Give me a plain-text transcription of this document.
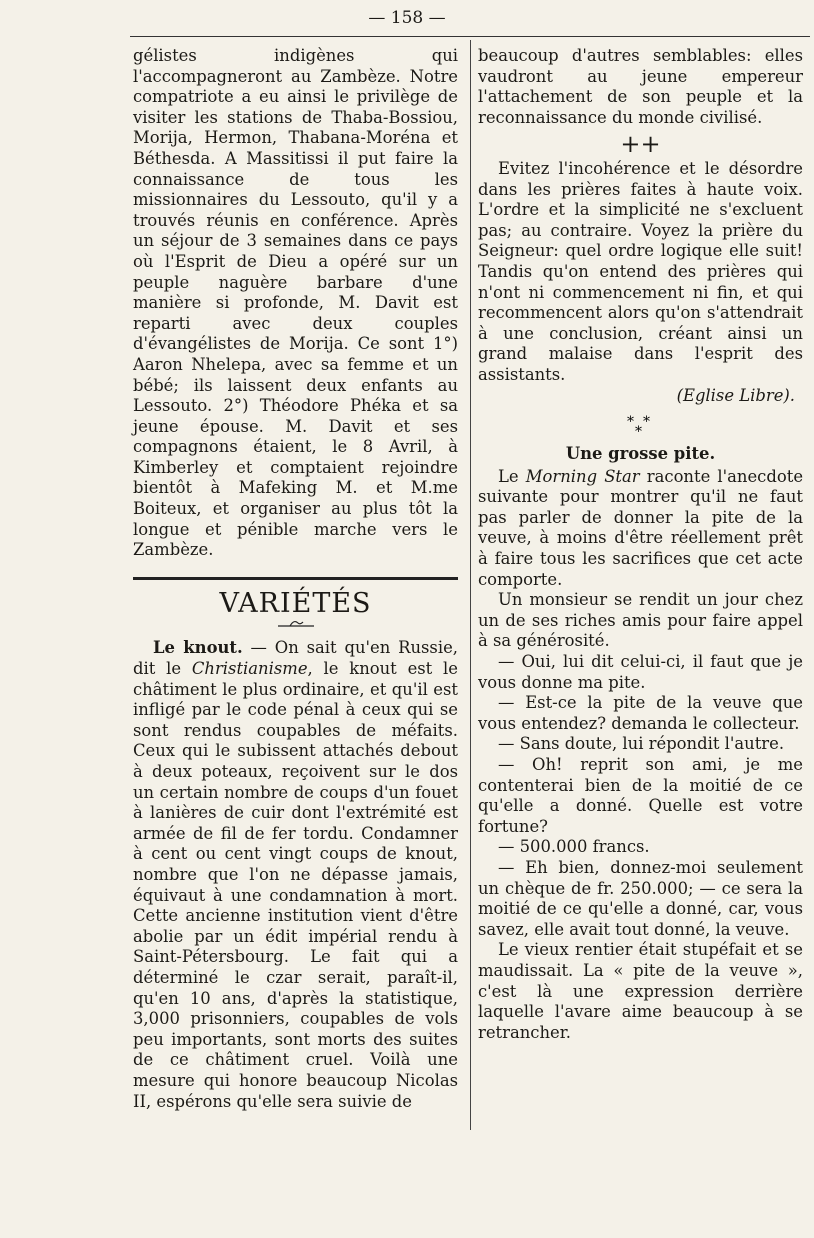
— 158 —

gélistes indigènes qui l'accompagneront au Zambèze. Notre compatriote a eu ainsi le privilège de visiter les stations de Thaba-Bossiou, Morija, Hermon, Thabana-Moréna et Béthesda. A Massitissi il put faire la connaissance de tous les missionnaires du Lessouto, qu'il y a trouvés réunis en conférence. Après un séjour de 3 semaines dans ce pays où l'Esprit de Dieu a opéré sur un peuple naguère barbare d'une manière si profonde, M. Davit est reparti avec deux couples d'évangélistes de Morija. Ce sont 1°) Aaron Nhelepa, avec sa femme et un bébé; ils laissent deux enfants au Lessouto. 2°) Théodore Phéka et sa jeune épouse. M. Davit et ses compagnons étaient, le 8 Avril, à Kimberley et comptaient rejoindre bientôt à Mafeking M. et M.me Boiteux, et organiser au plus tôt la longue et pénible marche vers le Zambèze.

VARIÉTÉS

Le knout. — On sait qu'en Russie, dit le Christianisme, le knout est le châtiment le plus ordinaire, et qu'il est infligé par le code pénal à ceux qui se sont rendus coupables de méfaits. Ceux qui le subissent attachés debout à deux poteaux, reçoivent sur le dos un certain nombre de coups d'un fouet à lanières de cuir dont l'extrémité est armée de fil de fer tordu. Condamner à cent ou cent vingt coups de knout, nombre que l'on ne dépasse jamais, équivaut à une condamnation à mort. Cette ancienne institution vient d'être abolie par un édit impérial rendu à Saint-Pétersbourg. Le fait qui a déterminé le czar serait, paraît-il, qu'en 10 ans, d'après la statistique, 3,000 prisonniers, coupables de vols peu importants, sont morts des suites de ce châtiment cruel. Voilà une mesure qui honore beaucoup Nicolas II, espérons qu'elle sera suivie de

beaucoup d'autres semblables: elles vaudront au jeune empereur l'attachement de son peuple et la reconnaissance du monde civilisé.

++

Evitez l'incohérence et le désordre dans les prières faites à haute voix. L'ordre et la simplicité ne s'excluent pas; au contraire. Voyez la prière du Seigneur: quel ordre logique elle suit! Tandis qu'on entend des prières qui n'ont ni commencement ni fin, et qui recommencent alors qu'on s'attendrait à une conclusion, créant ainsi un grand malaise dans l'esprit des assistants.

(Eglise Libre).
* *
*
Une grosse pite.

Le Morning Star raconte l'anecdote suivante pour montrer qu'il ne faut pas parler de donner la pite de la veuve, à moins d'être réellement prêt à faire tous les sacrifices que cet acte comporte.

Un monsieur se rendit un jour chez un de ses riches amis pour faire appel à sa générosité.

— Oui, lui dit celui-ci, il faut que je vous donne ma pite.

— Est-ce la pite de la veuve que vous entendez? demanda le collecteur.

— Sans doute, lui répondit l'autre.

— Oh! reprit son ami, je me contenterai bien de la moitié de ce qu'elle a donné. Quelle est votre fortune?

— 500.000 francs.

— Eh bien, donnez-moi seulement un chèque de fr. 250.000; — ce sera la moitié de ce qu'elle a donné, car, vous savez, elle avait tout donné, la veuve.

Le vieux rentier était stupéfait et se maudissait. La « pite de la veuve », c'est là une expression derrière laquelle l'avare aime beaucoup à se retrancher.
